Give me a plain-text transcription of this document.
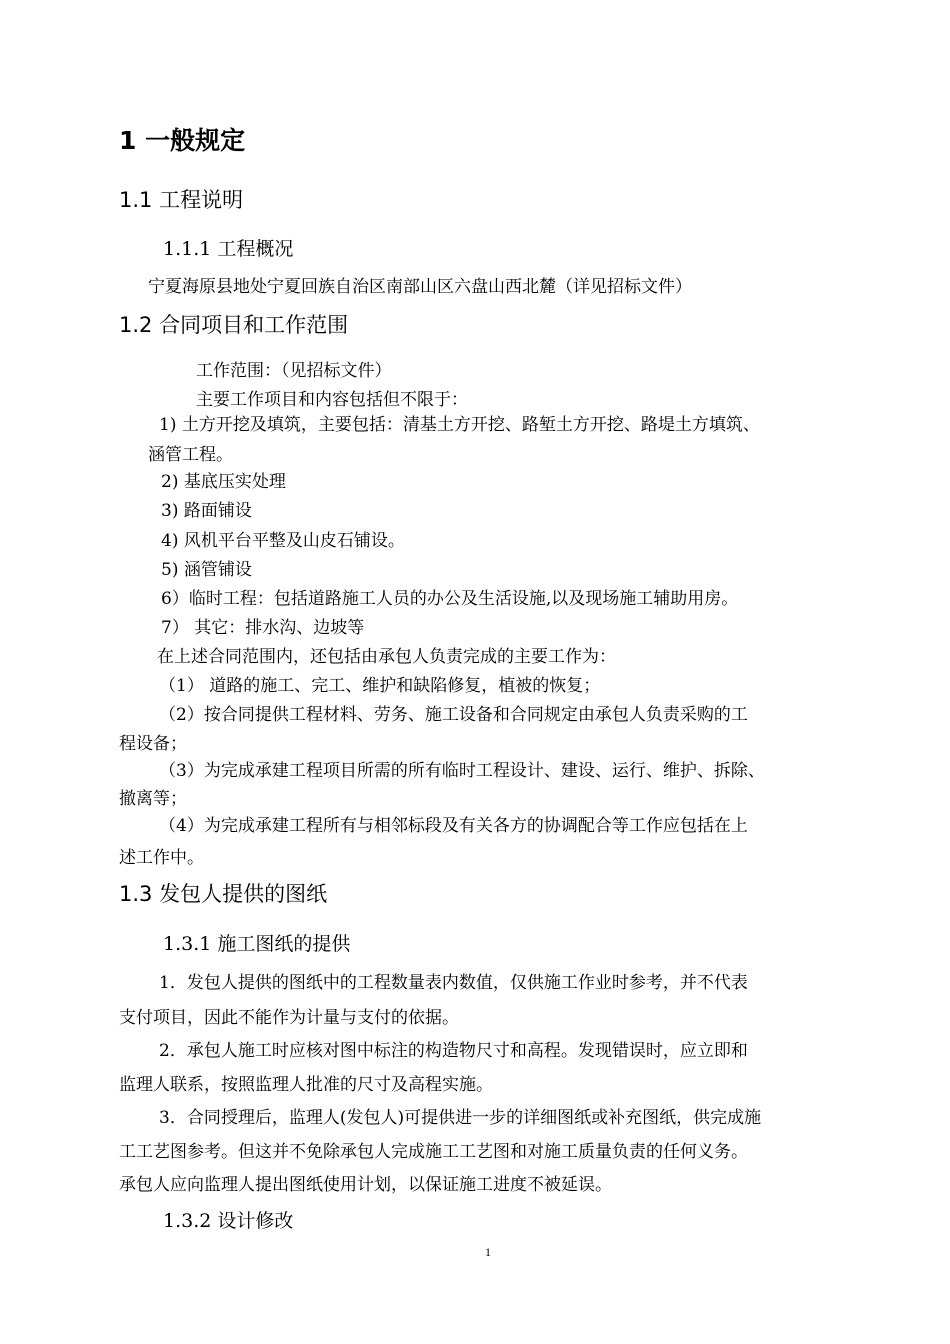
1 一般规定
1.1 工程说明
1.1.1 工程概况
宁夏海原县地处宁夏回族自治区南部山区六盘山西北麓（详见招标文件）
1.2 合同项目和工作范围
工作范围：（见招标文件）
主要工作项目和内容包括但不限于：
1) 土方开挖及填筑，主要包括：清基土方开挖、路堑土方开挖、路堤土方填筑、
涵管工程。
2) 基底压实处理
3) 路面铺设
4) 风机平台平整及山皮石铺设。
5) 涵管铺设
6）临时工程：包括道路施工人员的办公及生活设施,以及现场施工辅助用房。
7） 其它：排水沟、边坡等
在上述合同范围内，还包括由承包人负责完成的主要工作为：
（1） 道路的施工、完工、维护和缺陷修复，植被的恢复；
（2）按合同提供工程材料、劳务、施工设备和合同规定由承包人负责采购的工
程设备；
（3）为完成承建工程项目所需的所有临时工程设计、建设、运行、维护、拆除、
撤离等；
（4）为完成承建工程所有与相邻标段及有关各方的协调配合等工作应包括在上
述工作中。
1.3 发包人提供的图纸
1.3.1 施工图纸的提供
1．发包人提供的图纸中的工程数量表内数值，仅供施工作业时参考，并不代表
支付项目，因此不能作为计量与支付的依据。
2．承包人施工时应核对图中标注的构造物尺寸和高程。发现错误时，应立即和
监理人联系，按照监理人批准的尺寸及高程实施。
3．合同授理后，监理人(发包人)可提供进一步的详细图纸或补充图纸，供完成施
工工艺图参考。但这并不免除承包人完成施工工艺图和对施工质量负责的任何义务。
承包人应向监理人提出图纸使用计划，以保证施工进度不被延误。
1.3.2 设计修改
1
